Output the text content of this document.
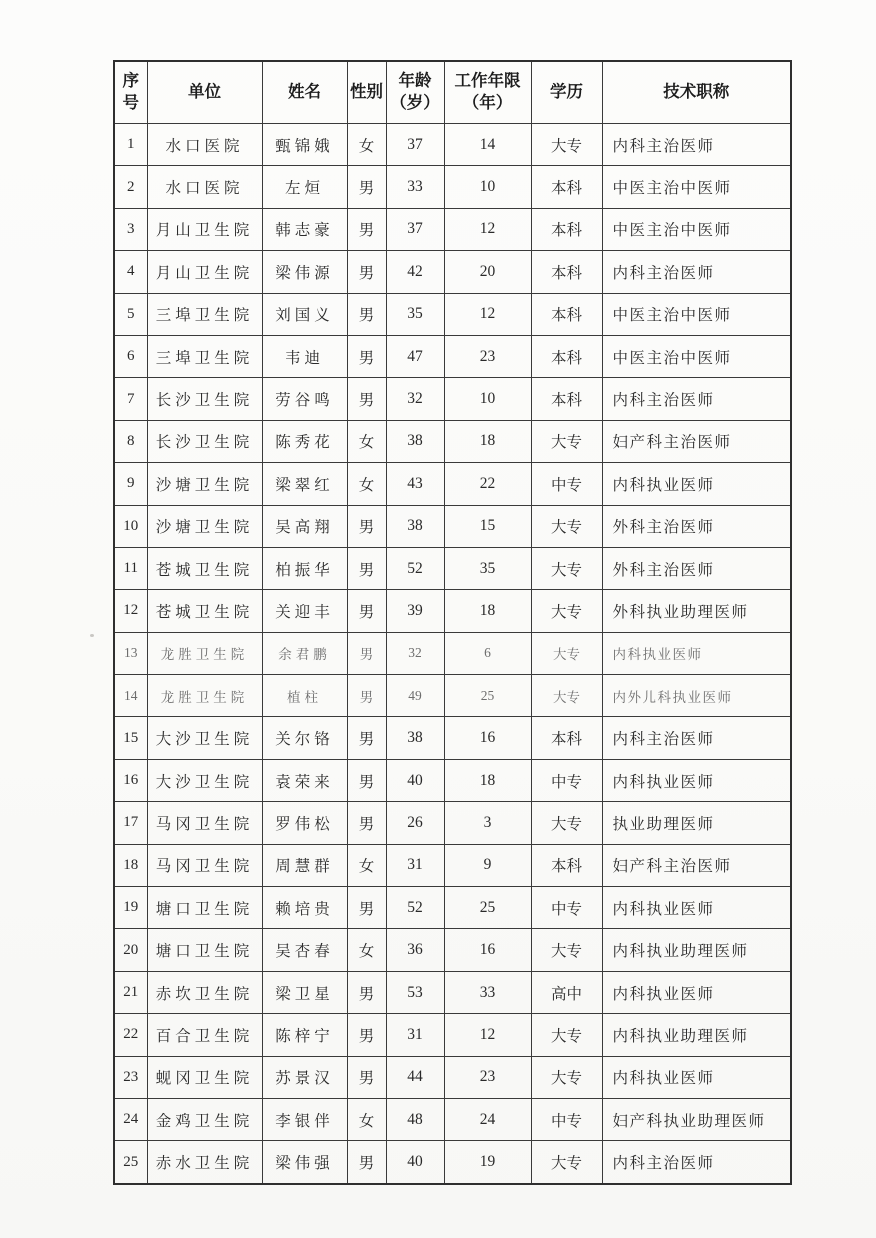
序号	单位	姓名	性别	年龄（岁）	工作年限（年）	学历	技术职称
1	水口医院	甄锦娥	女	37	14	大专	内科主治医师
2	水口医院	左烜	男	33	10	本科	中医主治中医师
3	月山卫生院	韩志豪	男	37	12	本科	中医主治中医师
4	月山卫生院	梁伟源	男	42	20	本科	内科主治医师
5	三埠卫生院	刘国义	男	35	12	本科	中医主治中医师
6	三埠卫生院	韦迪	男	47	23	本科	中医主治中医师
7	长沙卫生院	劳谷鸣	男	32	10	本科	内科主治医师
8	长沙卫生院	陈秀花	女	38	18	大专	妇产科主治医师
9	沙塘卫生院	梁翠红	女	43	22	中专	内科执业医师
10	沙塘卫生院	吴高翔	男	38	15	大专	外科主治医师
11	苍城卫生院	柏振华	男	52	35	大专	外科主治医师
12	苍城卫生院	关迎丰	男	39	18	大专	外科执业助理医师
13	龙胜卫生院	余君鹏	男	32	6	大专	内科执业医师
14	龙胜卫生院	植柱	男	49	25	大专	内外儿科执业医师
15	大沙卫生院	关尔铬	男	38	16	本科	内科主治医师
16	大沙卫生院	袁荣来	男	40	18	中专	内科执业医师
17	马冈卫生院	罗伟松	男	26	3	大专	执业助理医师
18	马冈卫生院	周慧群	女	31	9	本科	妇产科主治医师
19	塘口卫生院	赖培贵	男	52	25	中专	内科执业医师
20	塘口卫生院	吴杏春	女	36	16	大专	内科执业助理医师
21	赤坎卫生院	梁卫星	男	53	33	高中	内科执业医师
22	百合卫生院	陈梓宁	男	31	12	大专	内科执业助理医师
23	蚬冈卫生院	苏景汉	男	44	23	大专	内科执业医师
24	金鸡卫生院	李银伴	女	48	24	中专	妇产科执业助理医师
25	赤水卫生院	梁伟强	男	40	19	大专	内科主治医师
